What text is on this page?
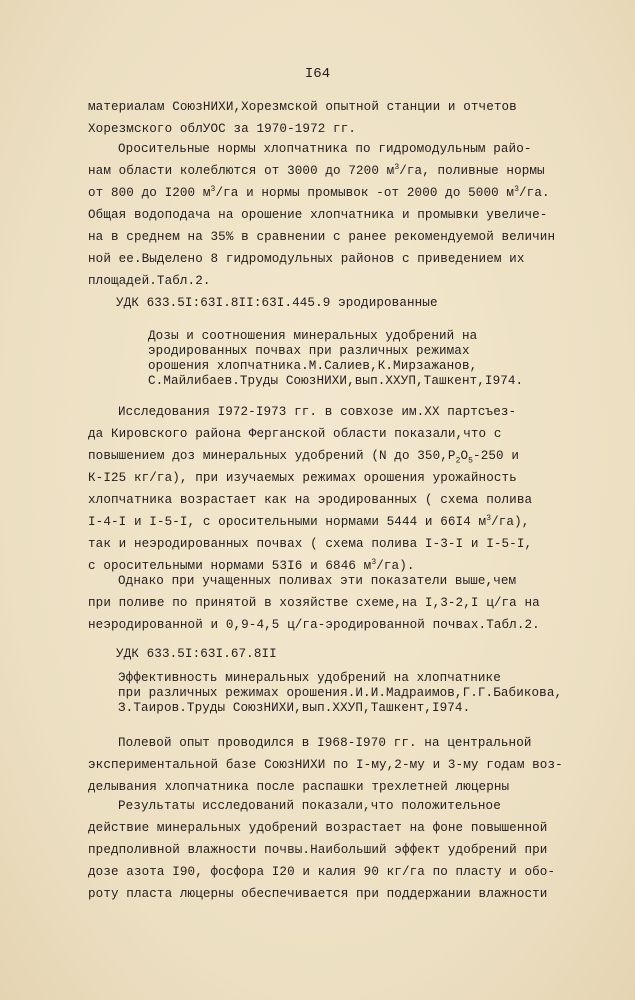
I64
материалам СоюзНИХИ,Хорезмской опытной станции и отчетов
Хорезмского облУОС за 1970-1972 гг.
Оросительные нормы хлопчатника по гидромодульным райо-
нам области колеблются от 3000 до 7200 $м^3/га$, поливные нормы
от 800 до I200 $м^3/га$ и нормы промывок -от 2000 до 5000 $м^3/га$.
Общая водоподача на орошение хлопчатника и промывки увеличе-
на в среднем на 35% в сравнении с ранее рекомендуемой величин
ной ее.Выделено 8 гидромодульных районов с приведением их
площадей.Табл.2.
УДК 633.5I:63I.8II:63I.445.9 эродированные
Дозы и соотношения минеральных удобрений на
эродированных почвах при различных режимах
орошения хлопчатника.М.Салиев,К.Мирзажанов,
С.Майлибаев.Труды СоюзНИХИ,вып.ХХУП,Ташкент,I974.
Исследования I972-I973 гг. в совхозе им.ХХ партсъез-
да Кировского района Ферганской области показали,что с
повышением доз минеральных удобрений (N до $350,P_2O_5-250$ и
К-I25 кг/га), при изучаемых режимах орошения урожайность
хлопчатника возрастает как на эродированных ( схема полива
I-4-I и I-5-I, с оросительными нормами 5444 и 66I4 $м^3/га$),
так и неэродированных почвах ( схема полива I-3-I и I-5-I,
с оросительными нормами 53I6 и 6846 $м^3/га$).
Однако при учащенных поливах эти показатели выше,чем
при поливе по принятой в хозяйстве схеме,на I,3-2,I ц/га на
неэродированной и 0,9-4,5 ц/га-эродированной почвах.Табл.2.
УДК 633.5I:63I.67.8II
Эффективность минеральных удобрений на хлопчатнике
при различных режимах орошения.И.И.Мадраимов,Г.Г.Бабикова,
З.Таиров.Труды СоюзНИХИ,вып.ХХУП,Ташкент,I974.
Полевой опыт проводился в I968-I970 гг. на центральной
экспериментальной базе СоюзНИХИ по I-му,2-му и 3-му годам воз-
делывания хлопчатника после распашки трехлетней люцерны
Результаты исследований показали,что положительное
действие минеральных удобрений возрастает на фоне повышенной
предполивной влажности почвы.Наибольший эффект удобрений при
дозе азота I90, фосфора I20 и калия 90 кг/га по пласту и обо-
роту пласта люцерны обеспечивается при поддержании влажности
